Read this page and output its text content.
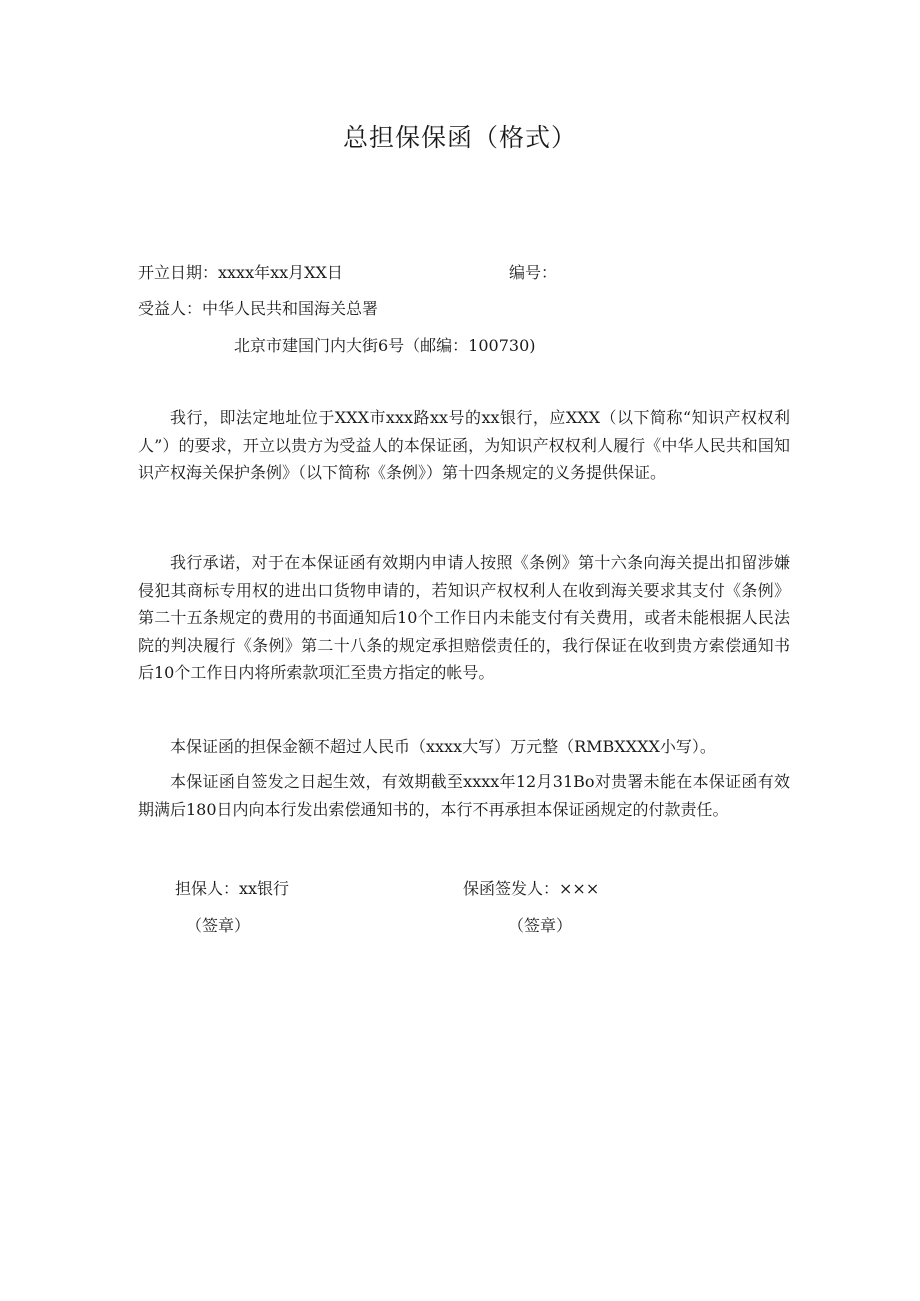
总担保保函（格式）
开立日期：xxxx年xx月XX日	编号：
受益人：中华人民共和国海关总署
北京市建国门内大街6号（邮编：100730)

我行，即法定地址位于XXX市xxx路xx号的xx银行，应XXX（以下简称“知识产权权利人”）的要求，开立以贵方为受益人的本保证函，为知识产权权利人履行《中华人民共和国知识产权海关保护条例》（以下简称《条例》）第十四条规定的义务提供保证。

我行承诺，对于在本保证函有效期内申请人按照《条例》第十六条向海关提出扣留涉嫌侵犯其商标专用权的进出口货物申请的，若知识产权权利人在收到海关要求其支付《条例》第二十五条规定的费用的书面通知后10个工作日内未能支付有关费用，或者未能根据人民法院的判决履行《条例》第二十八条的规定承担赔偿责任的，我行保证在收到贵方索偿通知书后10个工作日内将所索款项汇至贵方指定的帐号。

本保证函的担保金额不超过人民币（xxxx大写）万元整（RMBXXXX小写）。

本保证函自签发之日起生效，有效期截至xxxx年12月31Bo对贵署未能在本保证函有效期满后180日内向本行发出索偿通知书的，本行不再承担本保证函规定的付款责任。

担保人：xx银行
（签章）
保函签发人：×××
（签章）
